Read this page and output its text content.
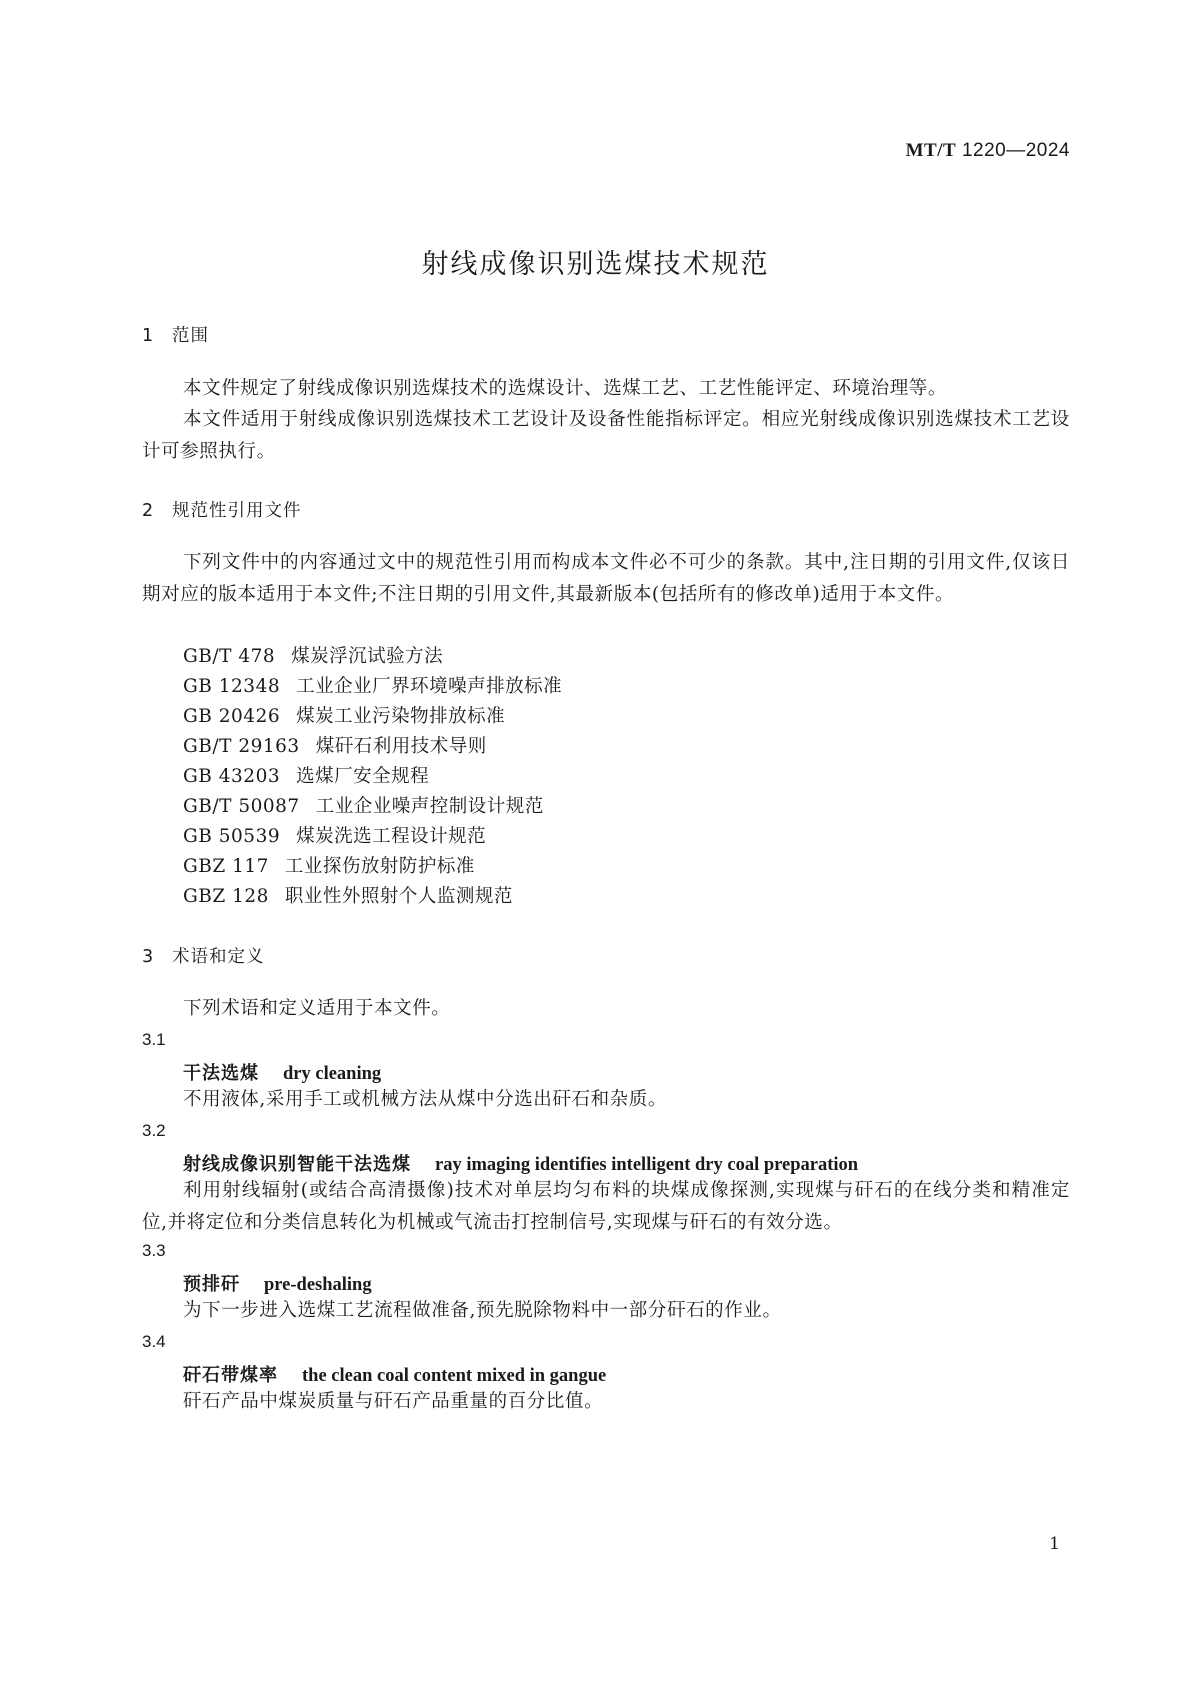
MT/T 1220—2024
射线成像识别选煤技术规范
1 范围
本文件规定了射线成像识别选煤技术的选煤设计、选煤工艺、工艺性能评定、环境治理等。
本文件适用于射线成像识别选煤技术工艺设计及设备性能指标评定。相应光射线成像识别选煤技术工艺设计可参照执行。
2 规范性引用文件
下列文件中的内容通过文中的规范性引用而构成本文件必不可少的条款。其中,注日期的引用文件,仅该日期对应的版本适用于本文件;不注日期的引用文件,其最新版本(包括所有的修改单)适用于本文件。
GB/T 478 煤炭浮沉试验方法
GB 12348 工业企业厂界环境噪声排放标准
GB 20426 煤炭工业污染物排放标准
GB/T 29163 煤矸石利用技术导则
GB 43203 选煤厂安全规程
GB/T 50087 工业企业噪声控制设计规范
GB 50539 煤炭洗选工程设计规范
GBZ 117 工业探伤放射防护标准
GBZ 128 职业性外照射个人监测规范
3 术语和定义
下列术语和定义适用于本文件。
3.1
干法选煤 dry cleaning
不用液体,采用手工或机械方法从煤中分选出矸石和杂质。
3.2
射线成像识别智能干法选煤 ray imaging identifies intelligent dry coal preparation
利用射线辐射(或结合高清摄像)技术对单层均匀布料的块煤成像探测,实现煤与矸石的在线分类和精准定位,并将定位和分类信息转化为机械或气流击打控制信号,实现煤与矸石的有效分选。
3.3
预排矸 pre-deshaling
为下一步进入选煤工艺流程做准备,预先脱除物料中一部分矸石的作业。
3.4
矸石带煤率 the clean coal content mixed in gangue
矸石产品中煤炭质量与矸石产品重量的百分比值。
1
